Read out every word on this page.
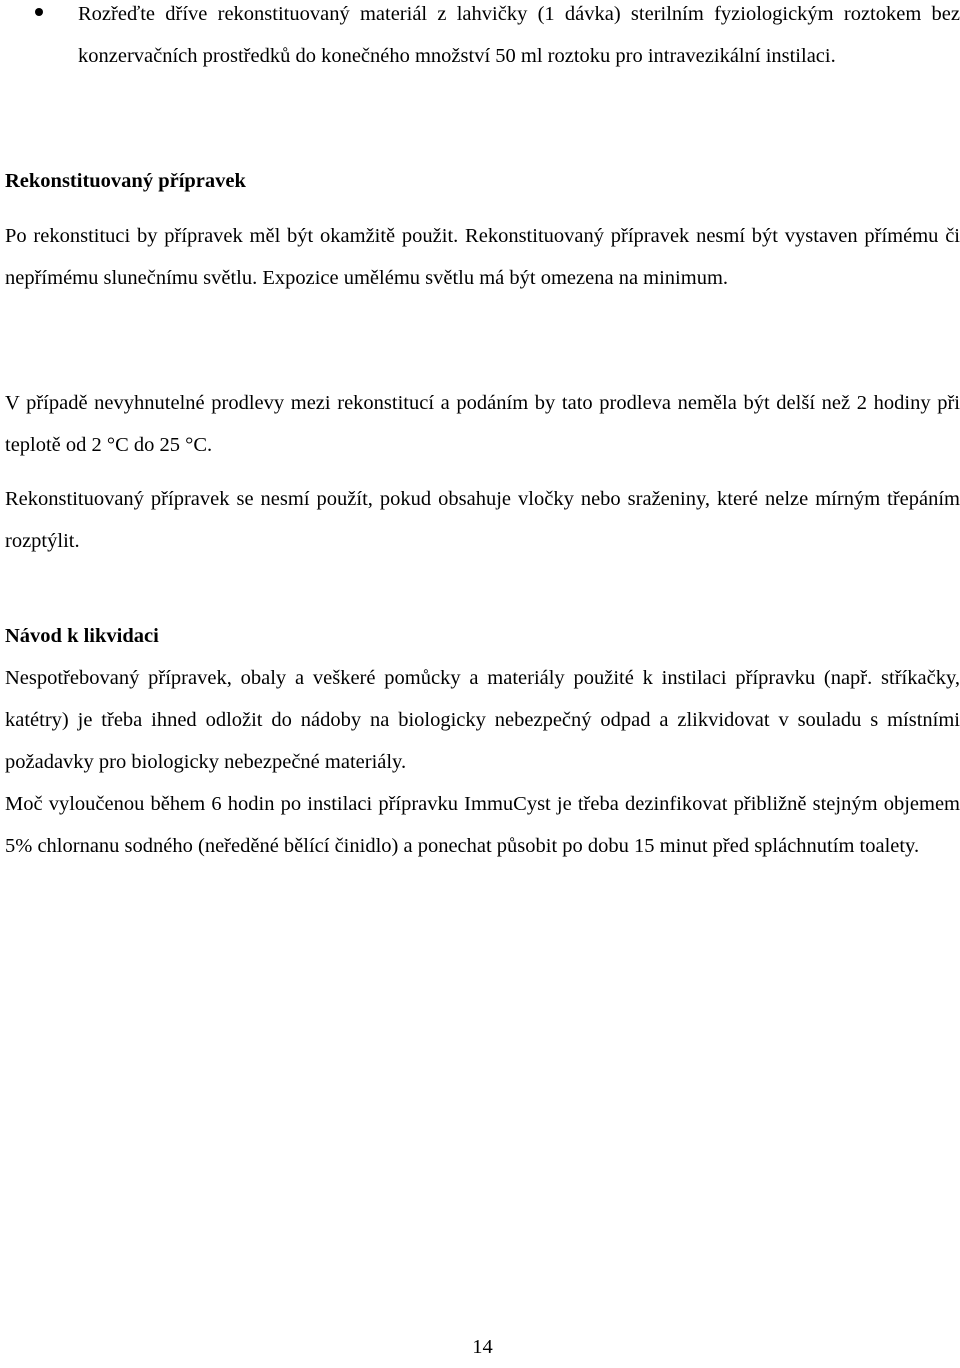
Rozřeďte dříve rekonstituovaný materiál z lahvičky (1 dávka) sterilním fyziologickým roztokem bez konzervačních prostředků do konečného množství 50 ml roztoku pro intravezikální instilaci.

Rekonstituovaný přípravek

Po rekonstituci by přípravek měl být okamžitě použit. Rekonstituovaný přípravek nesmí být vystaven přímému či nepřímému slunečnímu světlu. Expozice umělému světlu má být omezena na minimum.

V případě nevyhnutelné prodlevy mezi rekonstitucí a podáním by tato prodleva neměla být delší než 2 hodiny při teplotě od 2 °C do 25 °C.

Rekonstituovaný přípravek se nesmí použít, pokud obsahuje vločky nebo sraženiny, které nelze mírným třepáním rozptýlit.

Návod k likvidaci

Nespotřebovaný přípravek, obaly a veškeré pomůcky a materiály použité k instilaci přípravku (např. stříkačky, katétry) je třeba ihned odložit do nádoby na biologicky nebezpečný odpad a zlikvidovat v souladu s místními požadavky pro biologicky nebezpečné materiály.

Moč vyloučenou během 6 hodin po instilaci přípravku ImmuCyst je třeba dezinfikovat přibližně stejným objemem 5% chlornanu sodného (neředěné bělící činidlo) a ponechat působit po dobu 15 minut před spláchnutím toalety.

14
